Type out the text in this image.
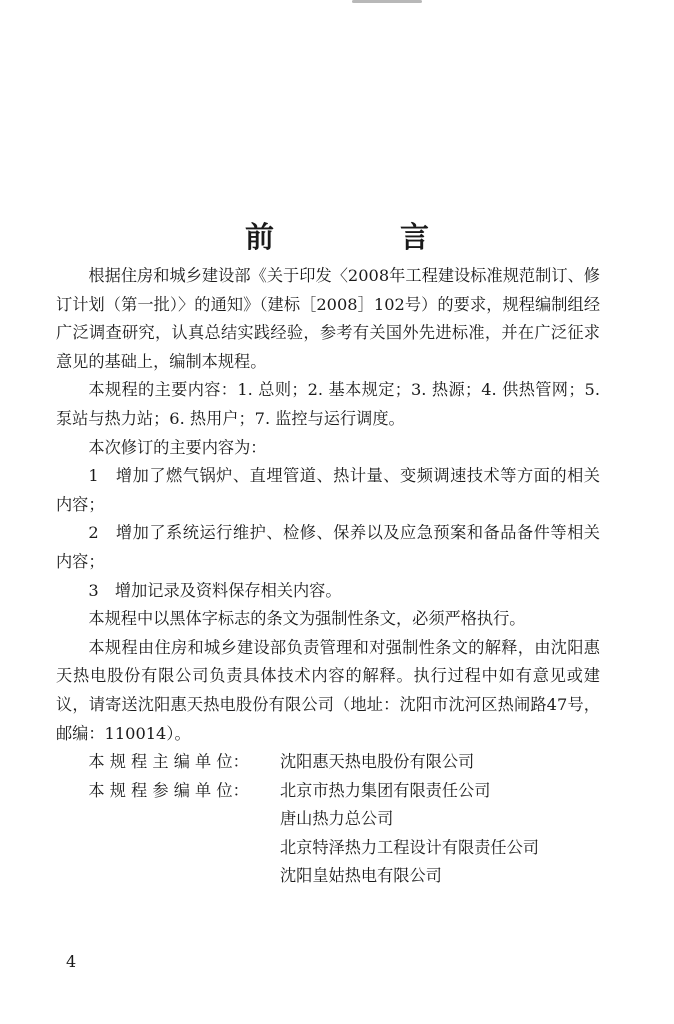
前 言

根据住房和城乡建设部《关于印发〈2008年工程建设标准规范制订、修订计划（第一批）〉的通知》（建标［2008］102号）的要求，规程编制组经广泛调查研究，认真总结实践经验，参考有关国外先进标准，并在广泛征求意见的基础上，编制本规程。

本规程的主要内容：1. 总则；2. 基本规定；3. 热源；4. 供热管网；5. 泵站与热力站；6. 热用户；7. 监控与运行调度。

本次修订的主要内容为：

1　增加了燃气锅炉、直埋管道、热计量、变频调速技术等方面的相关内容；

2　增加了系统运行维护、检修、保养以及应急预案和备品备件等相关内容；

3　增加记录及资料保存相关内容。

本规程中以黑体字标志的条文为强制性条文，必须严格执行。

本规程由住房和城乡建设部负责管理和对强制性条文的解释，由沈阳惠天热电股份有限公司负责具体技术内容的解释。执行过程中如有意见或建议，请寄送沈阳惠天热电股份有限公司（地址：沈阳市沈河区热闹路47号，邮编：110014）。

本 规 程 主 编 单 位：	沈阳惠天热电股份有限公司
本 规 程 参 编 单 位：	北京市热力集团有限责任公司
唐山热力总公司
北京特泽热力工程设计有限责任公司
沈阳皇姑热电有限公司
4
